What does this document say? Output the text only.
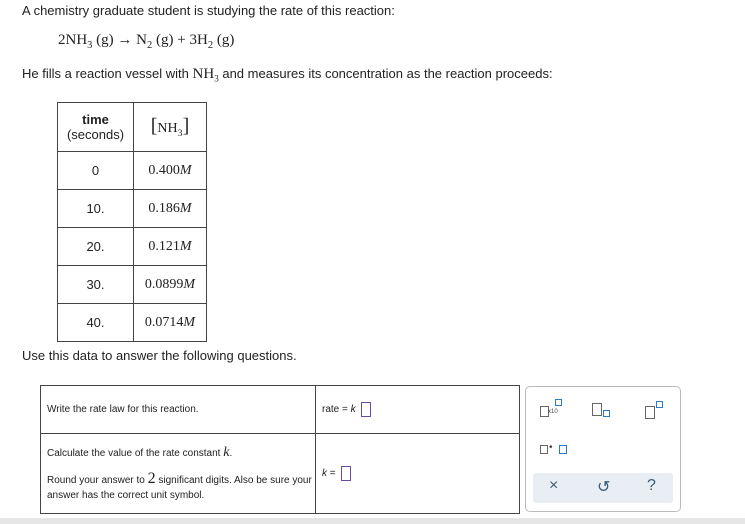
A chemistry graduate student is studying the rate of this reaction:
$2NH_3$ $(g) \to N_2$ $(g) + 3H_2$ (g)
He fills a reaction vessel with $NH_3$ and measures its concentration as the reaction proceeds:
time
(seconds)	$[NH_3]$
0	0.400M
10.	0.186M
20.	0.121M
30.	0.0899M
40.	0.0714M
Use this data to answer the following questions.
Write the rate law for this reaction.	rate = k

Calculate the value of the rate constant k.
Round your answer to 2 significant digits. Also be sure your answer has the correct unit symbol.	k =
x10
•
× ↺ ?
